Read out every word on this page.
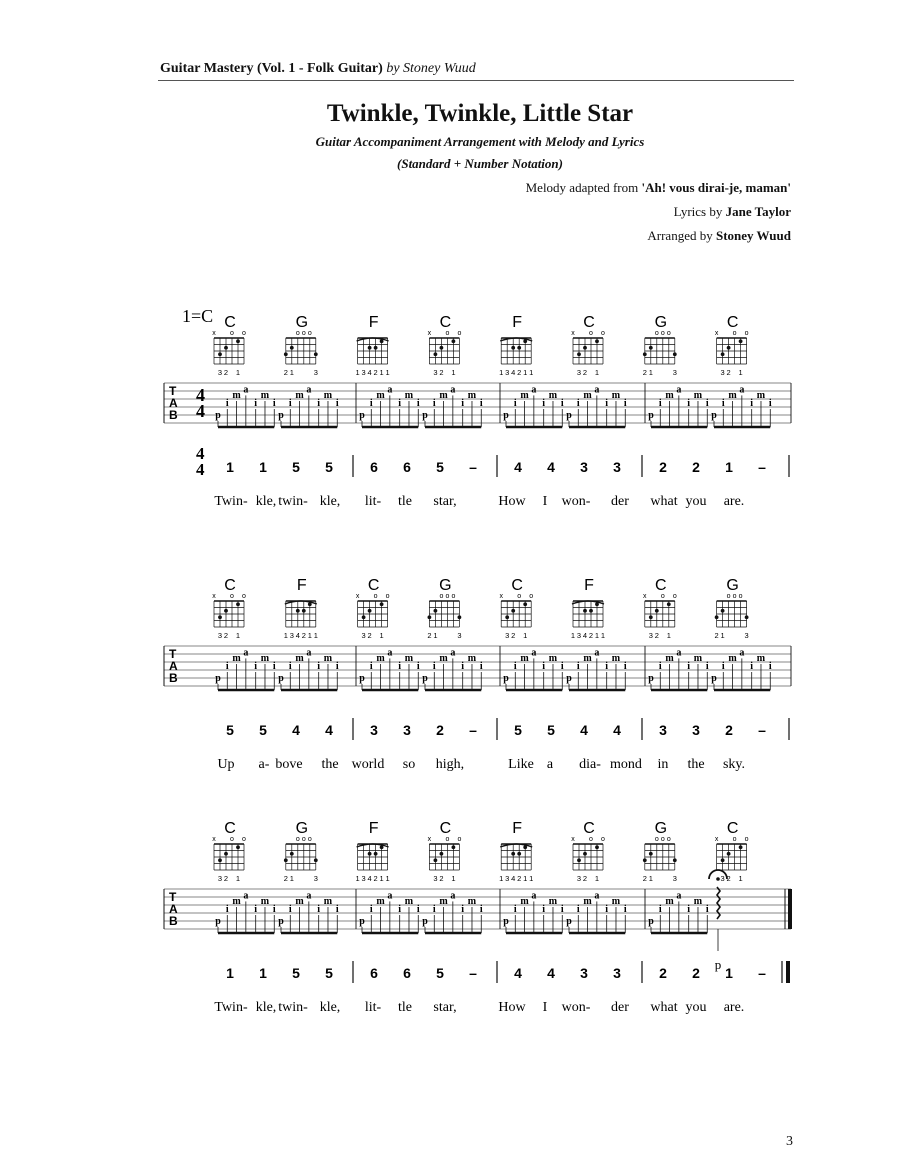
Guitar Mastery (Vol. 1 - Folk Guitar) by Stoney Wuud
Twinkle, Twinkle, Little Star
Guitar Accompaniment Arrangement with Melody and Lyrics
(Standard + Number Notation)
Melody adapted from 'Ah! vous dirai-je, maman'
Lyrics by Jane Taylor
Arranged by Stoney Wuud
1=C C
x o o
3 2 1
G
o o o
2 1	3
F
1 3 4 2 1 1
C
x o o
3 2 1
F
1 3 4 2 1 1
C
x o o
3 2 1
G
o o o
2 1	3
C
x o o
3 2 1
T
A
B
4
4 p
i
m
a
i
m
i
p
i
m
a
i
m
i
p
i
m
a
i
m
i
p
i
m
a
i
m
i
p
i
m
a
i
m
i
p
i
m
a
i
m
i
p
i
m
a
i
m
i
p
i
m
a
i
m
i
4
4 1 1 5 5	6 6 5 –	4 4 3 3	2 2 1 –
Twin- kle, twin- kle, lit- tle star,	How I won- der what you are.
C
x o o
3 2 1
F
1 3 4 2 1 1
C
x o o
3 2 1
G
o o o
2 1	3
C
x o o
3 2 1
F
1 3 4 2 1 1
C
x o o
3 2 1
G
o o o
2 1	3
T
A
B	p
i
m
a
i
m
i
p
i
m
a
i
m
i
p
i
m
a
i
m
i
p
i
m
a
i
m
i
p
i
m
a
i
m
i
p
i
m
a
i
m
i
p
i
m
a
i
m
i
p
i
m
a
i
m
i
5 5 4 4	3 3 2 –	5 5 4 4	3 3 2 –
Up a- bove the world so high,	Like a dia- mond in the sky.
C
x o o
3 2 1
G
o o o
2 1	3
F
1 3 4 2 1 1
C
x o o
3 2 1
F
1 3 4 2 1 1
C
x o o
3 2 1
G
o o o
2 1	3
C
x o o
3 2 1
T
A
B	p
i
m
a
i
m
i
p
i
m
a
i
m
i
p
i
m
a
i
m
i
p
i
m
a
i
m
i
p
i
m
a
i
m
i
p
i
m
a
i
m
i
p
i
m
a
i
m
i
p
1 1 5 5	6 6 5 –	4 4 3 3	2 2 1 –
Twin- kle, twin- kle, lit- tle star,	How I won- der what you are.
3
